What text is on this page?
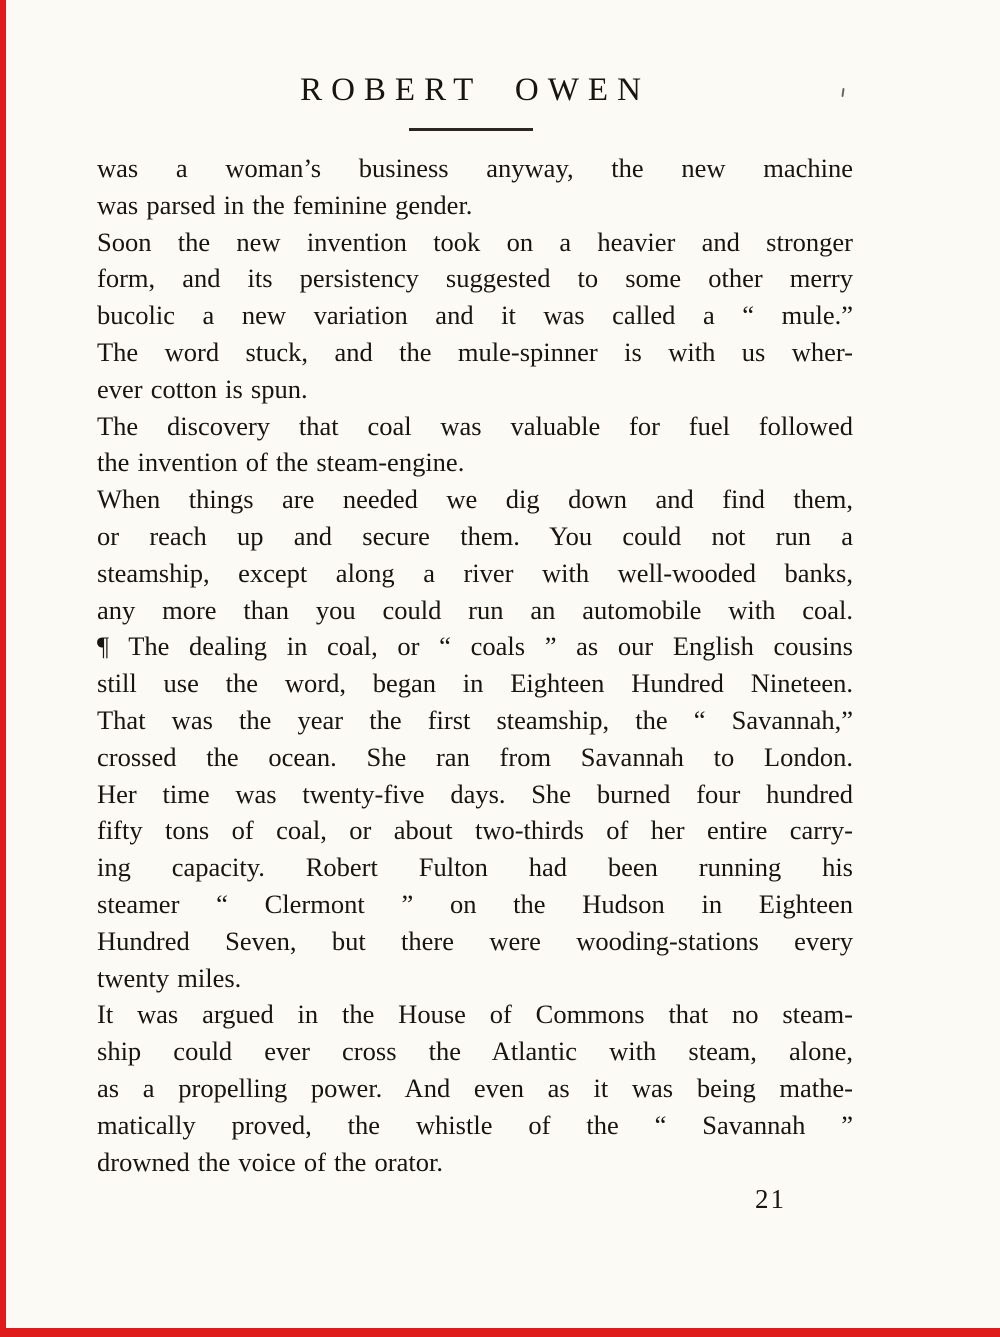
ROBERT OWEN
was a woman’s business anyway, the new machine
was parsed in the feminine gender.
Soon the new invention took on a heavier and stronger
form, and its persistency suggested to some other merry
bucolic a new variation and it was called a “ mule.”
The word stuck, and the mule-spinner is with us wher-
ever cotton is spun.
The discovery that coal was valuable for fuel followed
the invention of the steam-engine.
When things are needed we dig down and find them,
or reach up and secure them. You could not run a
steamship, except along a river with well-wooded banks,
any more than you could run an automobile with coal.
¶ The dealing in coal, or “ coals ” as our English cousins
still use the word, began in Eighteen Hundred Nineteen.
That was the year the first steamship, the “ Savannah,”
crossed the ocean. She ran from Savannah to London.
Her time was twenty-five days. She burned four hundred
fifty tons of coal, or about two-thirds of her entire carry-
ing capacity. Robert Fulton had been running his
steamer “ Clermont ” on the Hudson in Eighteen
Hundred Seven, but there were wooding-stations every
twenty miles.
It was argued in the House of Commons that no steam-
ship could ever cross the Atlantic with steam, alone,
as a propelling power. And even as it was being mathe-
matically proved, the whistle of the “ Savannah ”
drowned the voice of the orator.
21
